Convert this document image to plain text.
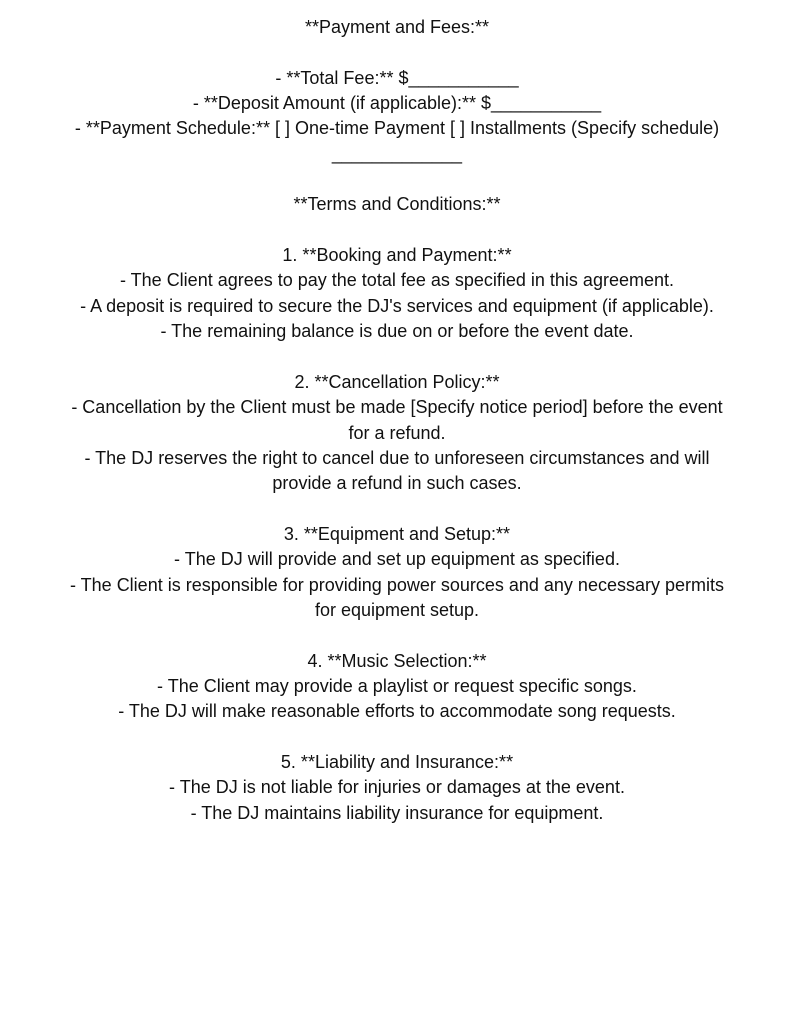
**Payment and Fees:**
- **Total Fee:** $___________
- **Deposit Amount (if applicable):** $___________
- **Payment Schedule:** [ ] One-time Payment [ ] Installments (Specify schedule)
_____________
**Terms and Conditions:**
1. **Booking and Payment:**
- The Client agrees to pay the total fee as specified in this agreement.
- A deposit is required to secure the DJ's services and equipment (if applicable).
- The remaining balance is due on or before the event date.
2. **Cancellation Policy:**
- Cancellation by the Client must be made [Specify notice period] before the event
for a refund.
- The DJ reserves the right to cancel due to unforeseen circumstances and will
provide a refund in such cases.
3. **Equipment and Setup:**
- The DJ will provide and set up equipment as specified.
- The Client is responsible for providing power sources and any necessary permits
for equipment setup.
4. **Music Selection:**
- The Client may provide a playlist or request specific songs.
- The DJ will make reasonable efforts to accommodate song requests.
5. **Liability and Insurance:**
- The DJ is not liable for injuries or damages at the event.
- The DJ maintains liability insurance for equipment.
